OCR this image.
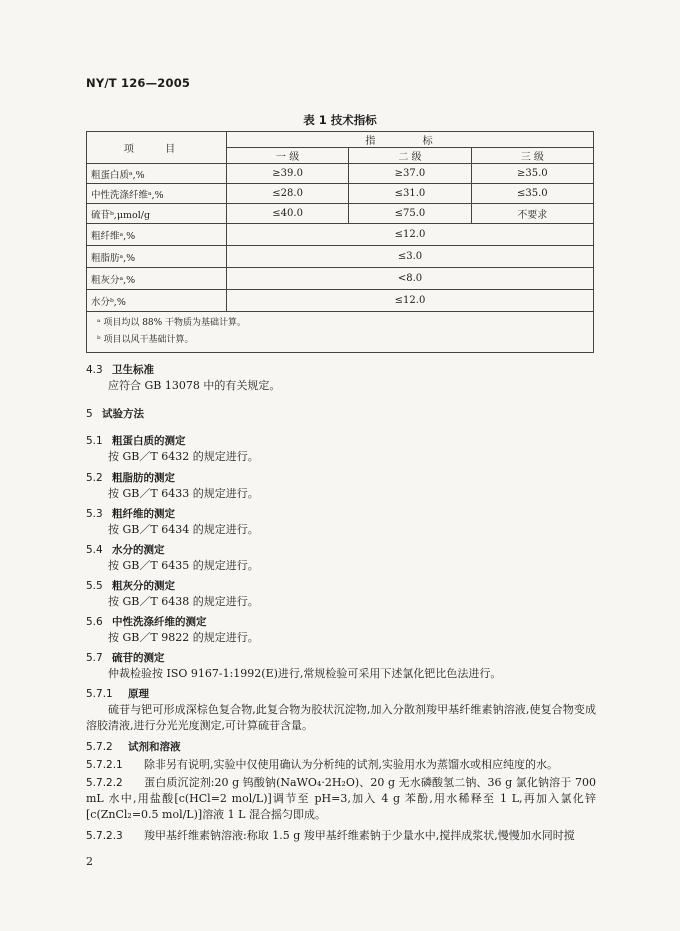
NY/T 126—2005
表 1 技术指标
项 目	指 标		
	一 级	二 级	三 级
粗蛋白质ᵃ,%	≥39.0	≥37.0	≥35.0
中性洗涤纤维ᵃ,%	≤28.0	≤31.0	≤35.0
硫苷ᵇ,μmol/g	≤40.0	≤75.0	不要求
粗纤维ᵃ,%	≤12.0		
粗脂肪ᵃ,%	≤3.0		
粗灰分ᵃ,%	<8.0		
水分ᵇ,%	≤12.0		

ᵃ 项目均以 88% 干物质为基础计算。
ᵇ 项目以风干基础计算。			
4.3 卫生标准
应符合 GB 13078 中的有关规定。
5 试验方法
5.1 粗蛋白质的测定
按 GB／T 6432 的规定进行。
5.2 粗脂肪的测定
按 GB／T 6433 的规定进行。
5.3 粗纤维的测定
按 GB／T 6434 的规定进行。
5.4 水分的测定
按 GB／T 6435 的规定进行。
5.5 粗灰分的测定
按 GB／T 6438 的规定进行。
5.6 中性洗涤纤维的测定
按 GB／T 9822 的规定进行。
5.7 硫苷的测定
仲裁检验按 ISO 9167-1:1992(E)进行,常规检验可采用下述氯化钯比色法进行。
5.7.1 原理
硫苷与钯可形成深棕色复合物,此复合物为胶状沉淀物,加入分散剂羧甲基纤维素钠溶液,使复合物变成溶胶清液,进行分光光度测定,可计算硫苷含量。
5.7.2 试剂和溶液
5.7.2.1 除非另有说明,实验中仅使用确认为分析纯的试剂,实验用水为蒸馏水或相应纯度的水。
5.7.2.2 蛋白质沉淀剂:20 g 钨酸钠(NaWO₄·2H₂O)、20 g 无水磷酸氢二钠、36 g 氯化钠溶于 700 mL 水中,用盐酸[c(HCl=2 mol/L)]调节至 pH=3,加入 4 g 苯酚,用水稀释至 1 L,再加入氯化锌[c(ZnCl₂=0.5 mol/L)]溶液 1 L 混合摇匀即成。
5.7.2.3 羧甲基纤维素钠溶液:称取 1.5 g 羧甲基纤维素钠于少量水中,搅拌成浆状,慢慢加水同时搅
2
